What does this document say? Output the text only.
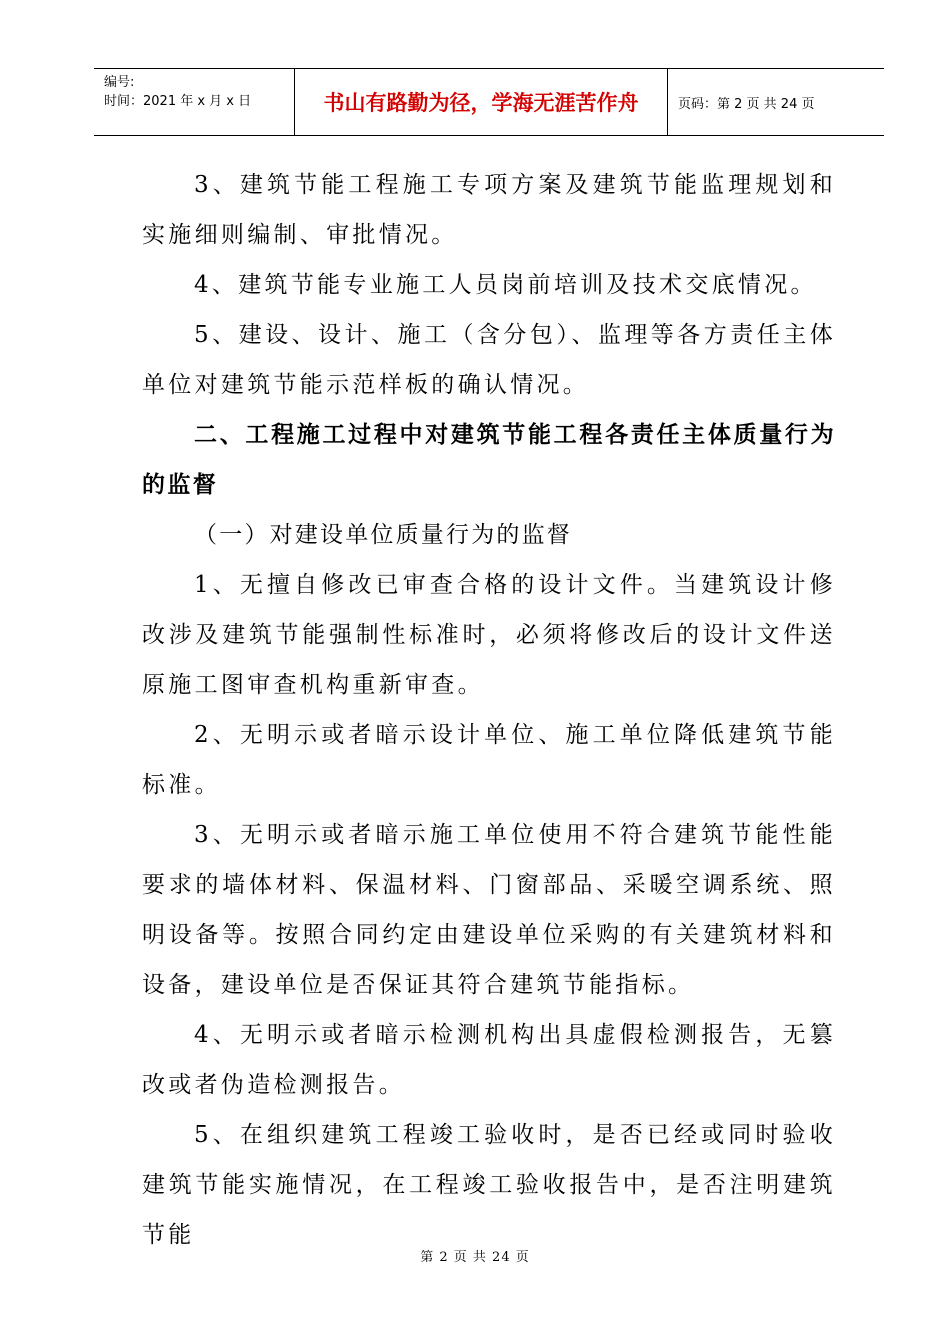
编号:
时间：2021 年 x 月 x 日	书山有路勤为径，学海无涯苦作舟	页码：第 2 页 共 24 页

3、建筑节能工程施工专项方案及建筑节能监理规划和实施细则编制、审批情况。

4、建筑节能专业施工人员岗前培训及技术交底情况。

5、建设、设计、施工（含分包）、监理等各方责任主体单位对建筑节能示范样板的确认情况。

二、工程施工过程中对建筑节能工程各责任主体质量行为的监督

（一）对建设单位质量行为的监督

1、无擅自修改已审查合格的设计文件。当建筑设计修改涉及建筑节能强制性标准时，必须将修改后的设计文件送原施工图审查机构重新审查。

2、无明示或者暗示设计单位、施工单位降低建筑节能标准。

3、无明示或者暗示施工单位使用不符合建筑节能性能要求的墙体材料、保温材料、门窗部品、采暖空调系统、照明设备等。按照合同约定由建设单位采购的有关建筑材料和设备，建设单位是否保证其符合建筑节能指标。

4、无明示或者暗示检测机构出具虚假检测报告，无篡改或者伪造检测报告。

5、在组织建筑工程竣工验收时，是否已经或同时验收建筑节能实施情况，在工程竣工验收报告中，是否注明建筑节能

第 2 页 共 24 页
